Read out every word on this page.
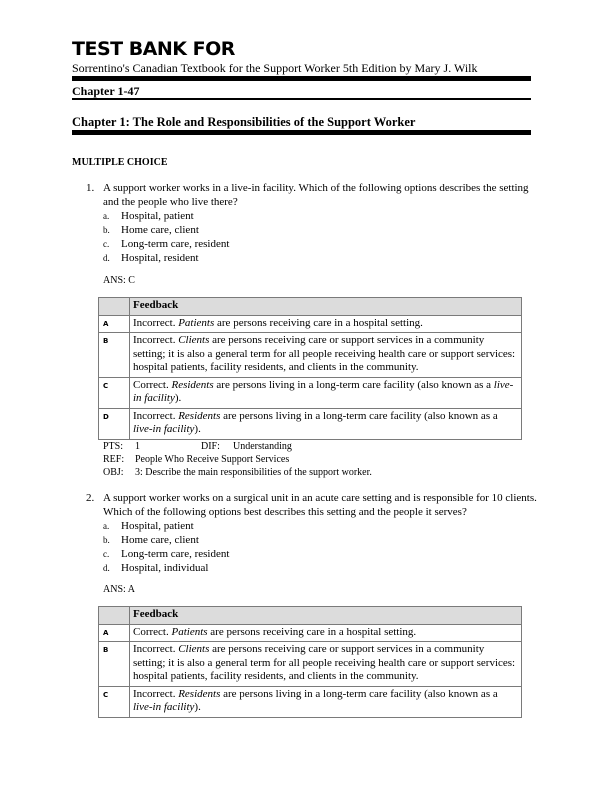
TEST BANK FOR
Sorrentino's Canadian Textbook for the Support Worker 5th Edition by Mary J. Wilk
Chapter 1-47
Chapter 1: The Role and Responsibilities of the Support Worker
MULTIPLE CHOICE
1. A support worker works in a live-in facility. Which of the following options describes the setting and the people who live there?
a. Hospital, patient
b. Home care, client
c. Long-term care, resident
d. Hospital, resident
ANS: C
	Feedback
A	Incorrect. Patients are persons receiving care in a hospital setting.
B	Incorrect. Clients are persons receiving care or support services in a community setting; it is also a general term for all people receiving health care or support services: hospital patients, facility residents, and clients in the community.
C	Correct. Residents are persons living in a long-term care facility (also known as a live-in facility).
D	Incorrect. Residents are persons living in a long-term care facility (also known as a live-in facility).
PTS: 1	DIF: Understanding
REF: People Who Receive Support Services
OBJ: 3: Describe the main responsibilities of the support worker.
2. A support worker works on a surgical unit in an acute care setting and is responsible for 10 clients. Which of the following options best describes this setting and the people it serves?
a. Hospital, patient
b. Home care, client
c. Long-term care, resident
d. Hospital, individual
ANS: A
	Feedback
A	Correct. Patients are persons receiving care in a hospital setting.
B	Incorrect. Clients are persons receiving care or support services in a community setting; it is also a general term for all people receiving health care or support services: hospital patients, facility residents, and clients in the community.
C	Incorrect. Residents are persons living in a long-term care facility (also known as a live-in facility).
